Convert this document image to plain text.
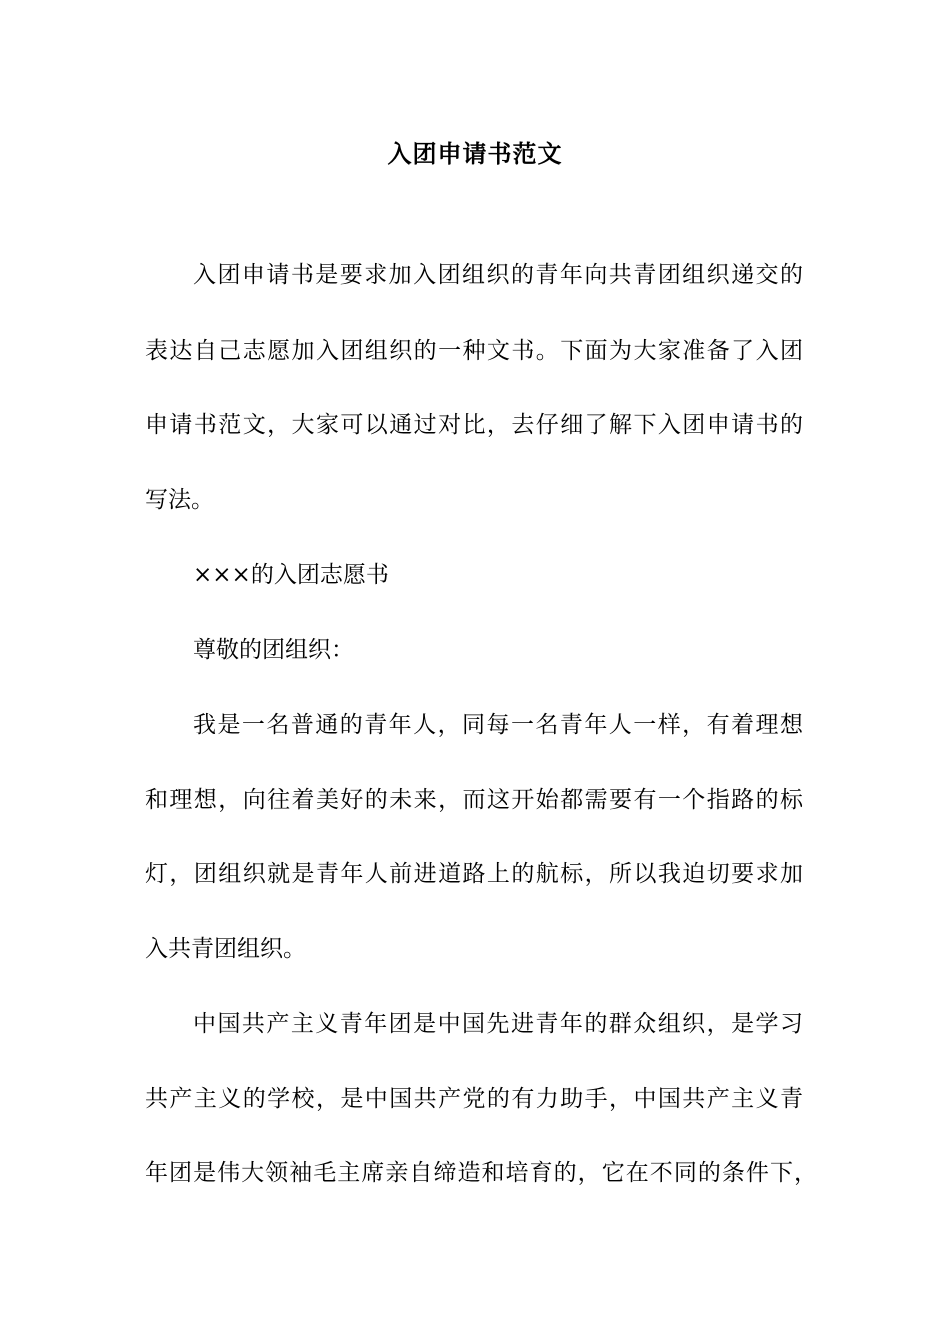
入团申请书范文
入团申请书是要求加入团组织的青年向共青团组织递交的
表达自己志愿加入团组织的一种文书。下面为大家准备了入团
申请书范文，大家可以通过对比，去仔细了解下入团申请书的
写法。
×××的入团志愿书
尊敬的团组织：
我是一名普通的青年人，同每一名青年人一样，有着理想
和理想，向往着美好的未来，而这开始都需要有一个指路的标
灯，团组织就是青年人前进道路上的航标，所以我迫切要求加
入共青团组织。
中国共产主义青年团是中国先进青年的群众组织，是学习
共产主义的学校，是中国共产党的有力助手，中国共产主义青
年团是伟大领袖毛主席亲自缔造和培育的，它在不同的条件下，
